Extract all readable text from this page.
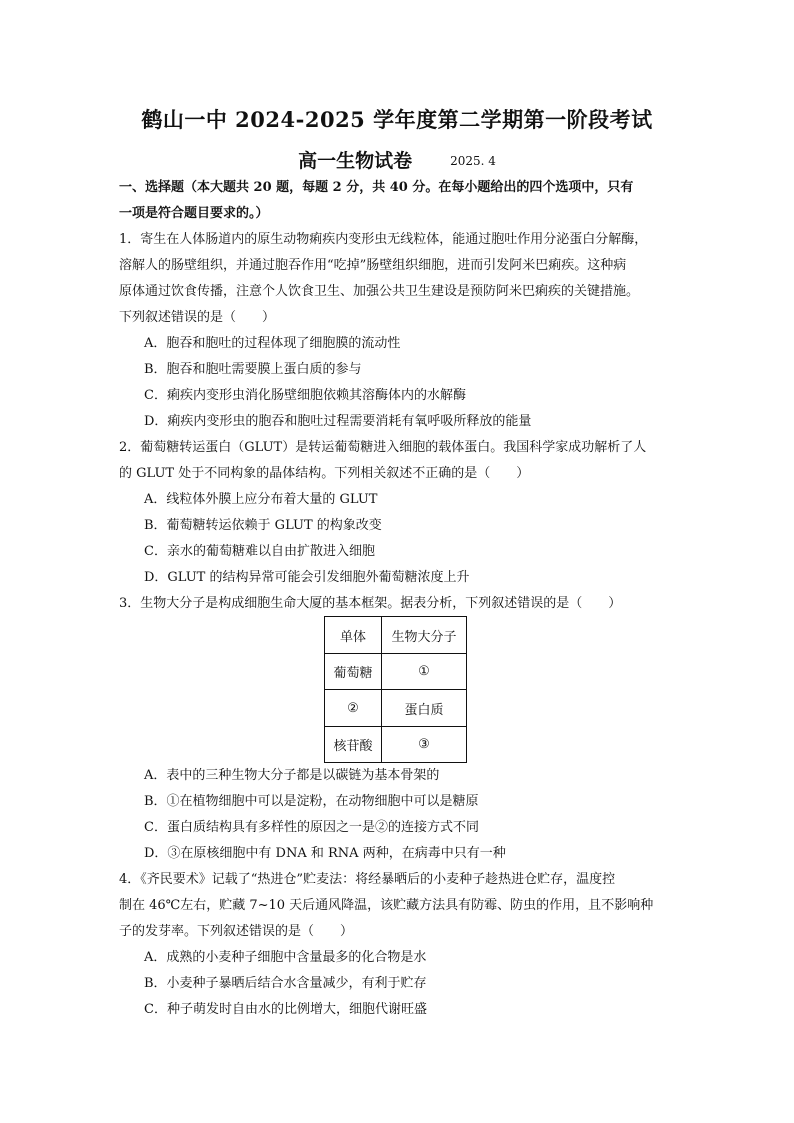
鹤山一中 2024-2025 学年度第二学期第一阶段考试
高一生物试卷	2025. 4
一、选择题（本大题共 20 题，每题 2 分，共 40 分。在每小题给出的四个选项中，只有
一项是符合题目要求的。）
1．寄生在人体肠道内的原生动物痢疾内变形虫无线粒体，能通过胞吐作用分泌蛋白分解酶，
溶解人的肠壁组织，并通过胞吞作用“吃掉”肠壁组织细胞，进而引发阿米巴痢疾。这种病
原体通过饮食传播，注意个人饮食卫生、加强公共卫生建设是预防阿米巴痢疾的关键措施。
下列叙述错误的是（　　）
A．胞吞和胞吐的过程体现了细胞膜的流动性
B．胞吞和胞吐需要膜上蛋白质的参与
C．痢疾内变形虫消化肠壁细胞依赖其溶酶体内的水解酶
D．痢疾内变形虫的胞吞和胞吐过程需要消耗有氧呼吸所释放的能量
2．葡萄糖转运蛋白（GLUT）是转运葡萄糖进入细胞的载体蛋白。我国科学家成功解析了人
的 GLUT 处于不同构象的晶体结构。下列相关叙述不正确的是（　　）
A．线粒体外膜上应分布着大量的 GLUT
B．葡萄糖转运依赖于 GLUT 的构象改变
C．亲水的葡萄糖难以自由扩散进入细胞
D．GLUT 的结构异常可能会引发细胞外葡萄糖浓度上升
3．生物大分子是构成细胞生命大厦的基本框架。据表分析，下列叙述错误的是（　　）
单体	生物大分子
葡萄糖	①
②	蛋白质
核苷酸	③
A．表中的三种生物大分子都是以碳链为基本骨架的
B．①在植物细胞中可以是淀粉，在动物细胞中可以是糖原
C．蛋白质结构具有多样性的原因之一是②的连接方式不同
D．③在原核细胞中有 DNA 和 RNA 两种，在病毒中只有一种
4．《齐民要术》记载了“热进仓”贮麦法：将经暴晒后的小麦种子趁热进仓贮存，温度控
制在 46℃左右，贮藏 7~10 天后通风降温，该贮藏方法具有防霉、防虫的作用，且不影响种
子的发芽率。下列叙述错误的是（　　）
A．成熟的小麦种子细胞中含量最多的化合物是水
B．小麦种子暴晒后结合水含量减少，有利于贮存
C．种子萌发时自由水的比例增大，细胞代谢旺盛
